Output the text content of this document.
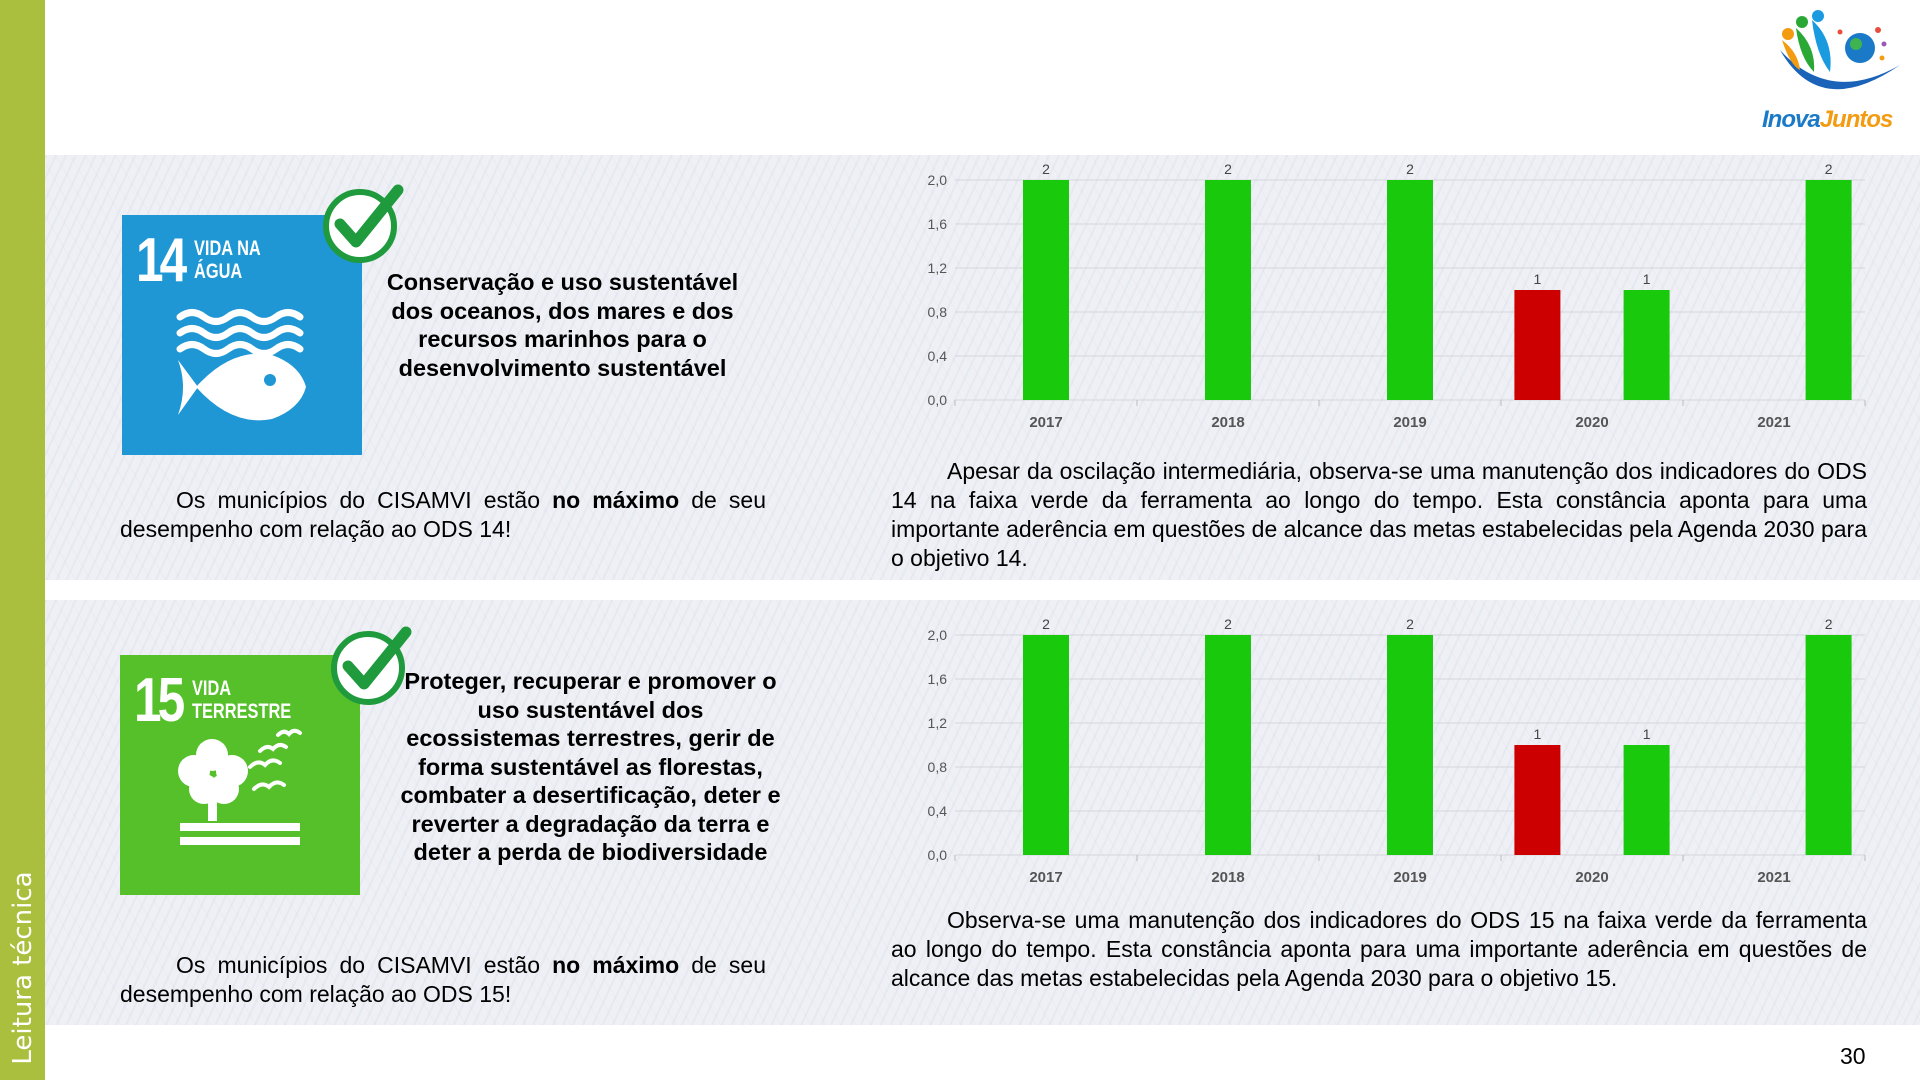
Leitura técnica
InovaJuntos
14 VIDA NA
ÁGUA	Conservação e uso sustentável dos oceanos, dos mares e dos recursos marinhos para o desenvolvimento sustentável
Os municípios do CISAMVI estão no máximo de seu desempenho com relação ao ODS 14!
0,0
0,4
0,8
1,2
1,6
2,0
2017	2018	2019	2020	2021
2	2	2
1	1
2
Apesar da oscilação intermediária, observa-se uma manutenção dos indicadores do ODS 14 na faixa verde da ferramenta ao longo do tempo. Esta constância aponta para uma importante aderência em questões de alcance das metas estabelecidas pela Agenda 2030 para o objetivo 14.
15 VIDA
TERRESTRE
Proteger, recuperar e promover o uso sustentável dos ecossistemas terrestres, gerir de forma sustentável as florestas, combater a desertificação, deter e reverter a degradação da terra e deter a perda de biodiversidade
Os municípios do CISAMVI estão no máximo de seu desempenho com relação ao ODS 15!
0,0
0,4
0,8
1,2
1,6
2,0
2017	2018	2019	2020	2021
2	2	2
1	1
2
Observa-se uma manutenção dos indicadores do ODS 15 na faixa verde da ferramenta ao longo do tempo. Esta constância aponta para uma importante aderência em questões de alcance das metas estabelecidas pela Agenda 2030 para o objetivo 15.
30
